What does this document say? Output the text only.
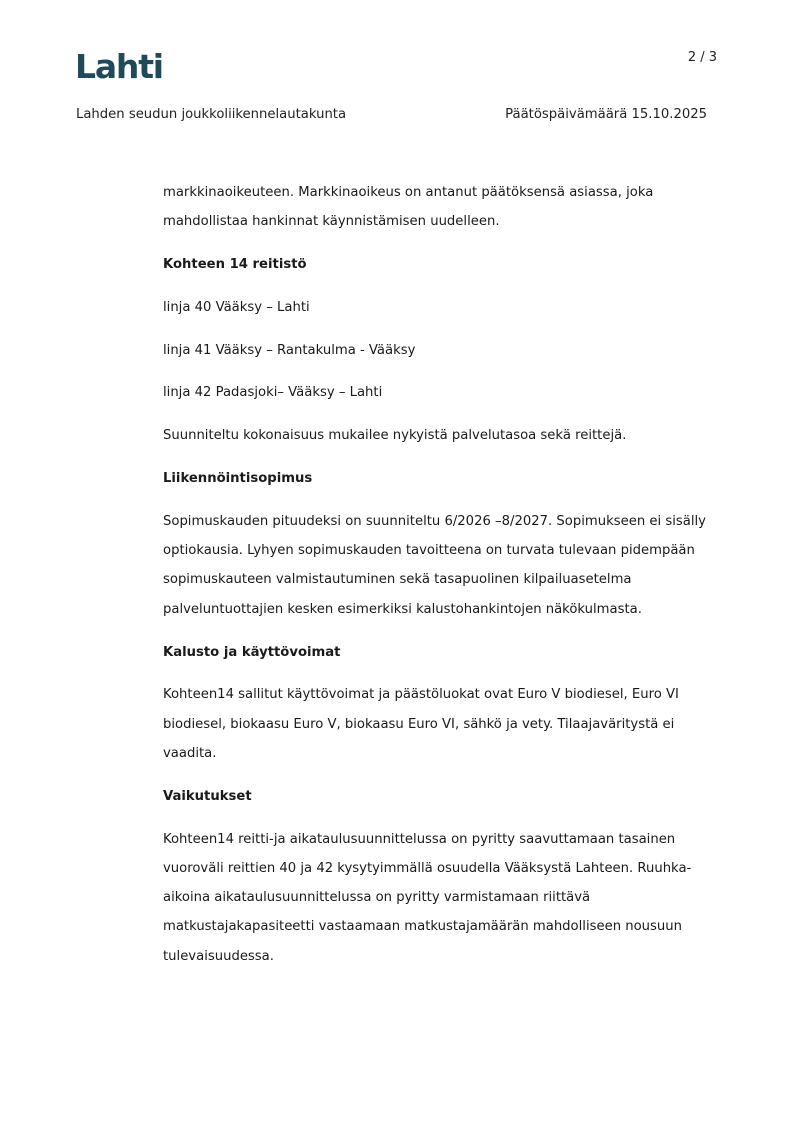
Lahti	2 / 3
Lahden seudun joukkoliikennelautakunta	Päätöspäivämäärä 15.10.2025

markkinaoikeuteen. Markkinaoikeus on antanut päätöksensä asiassa, joka

mahdollistaa hankinnat käynnistämisen uudelleen.

Kohteen 14 reitistö

linja 40 Vääksy – Lahti

linja 41 Vääksy – Rantakulma - Vääksy

linja 42 Padasjoki– Vääksy – Lahti

Suunniteltu kokonaisuus mukailee nykyistä palvelutasoa sekä reittejä.

Liikennöintisopimus

Sopimuskauden pituudeksi on suunniteltu 6/2026 –8/2027. Sopimukseen ei sisälly

optiokausia. Lyhyen sopimuskauden tavoitteena on turvata tulevaan pidempään

sopimuskauteen valmistautuminen sekä tasapuolinen kilpailuasetelma

palveluntuottajien kesken esimerkiksi kalustohankintojen näkökulmasta.

Kalusto ja käyttövoimat

Kohteen14 sallitut käyttövoimat ja päästöluokat ovat Euro V biodiesel, Euro VI

biodiesel, biokaasu Euro V, biokaasu Euro VI, sähkö ja vety. Tilaajaväritystä ei

vaadita.

Vaikutukset

Kohteen14 reitti-ja aikataulusuunnittelussa on pyritty saavuttamaan tasainen

vuoroväli reittien 40 ja 42 kysytyimmällä osuudella Vääksystä Lahteen. Ruuhka-

aikoina aikataulusuunnittelussa on pyritty varmistamaan riittävä

matkustajakapasiteetti vastaamaan matkustajamäärän mahdolliseen nousuun

tulevaisuudessa.
